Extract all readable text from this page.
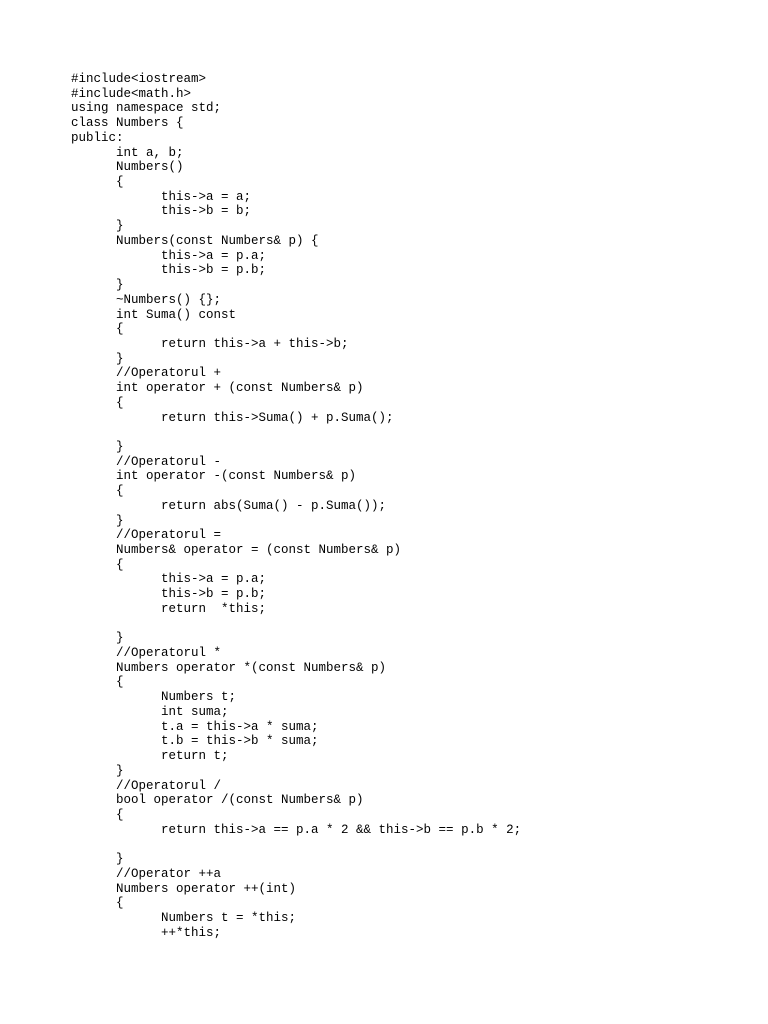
#include<iostream>
#include<math.h>
using namespace std;
class Numbers {
public:
	int a, b;
	Numbers()
	{
		this->a = a;
		this->b = b;
	}
	Numbers(const Numbers& p) {
		this->a = p.a;
		this->b = p.b;
	}
	~Numbers() {};
	int Suma() const
	{
		return this->a + this->b;
	}
	//Operatorul +
	int operator + (const Numbers& p)
	{
		return this->Suma() + p.Suma();
	}
	//Operatorul -
	int operator -(const Numbers& p)
	{
		return abs(Suma() - p.Suma());
	}
	//Operatorul =
	Numbers& operator = (const Numbers& p)
	{
		this->a = p.a;
		this->b = p.b;
		return  *this;
	}
	//Operatorul *
	Numbers operator *(const Numbers& p)
	{
		Numbers t;
		int suma;
		t.a = this->a * suma;
		t.b = this->b * suma;
		return t;
	}
	//Operatorul /
	bool operator /(const Numbers& p)
	{
		return this->a == p.a * 2 && this->b == p.b * 2;
	}
	//Operator ++a
	Numbers operator ++(int)
	{
		Numbers t = *this;
		++*this;
